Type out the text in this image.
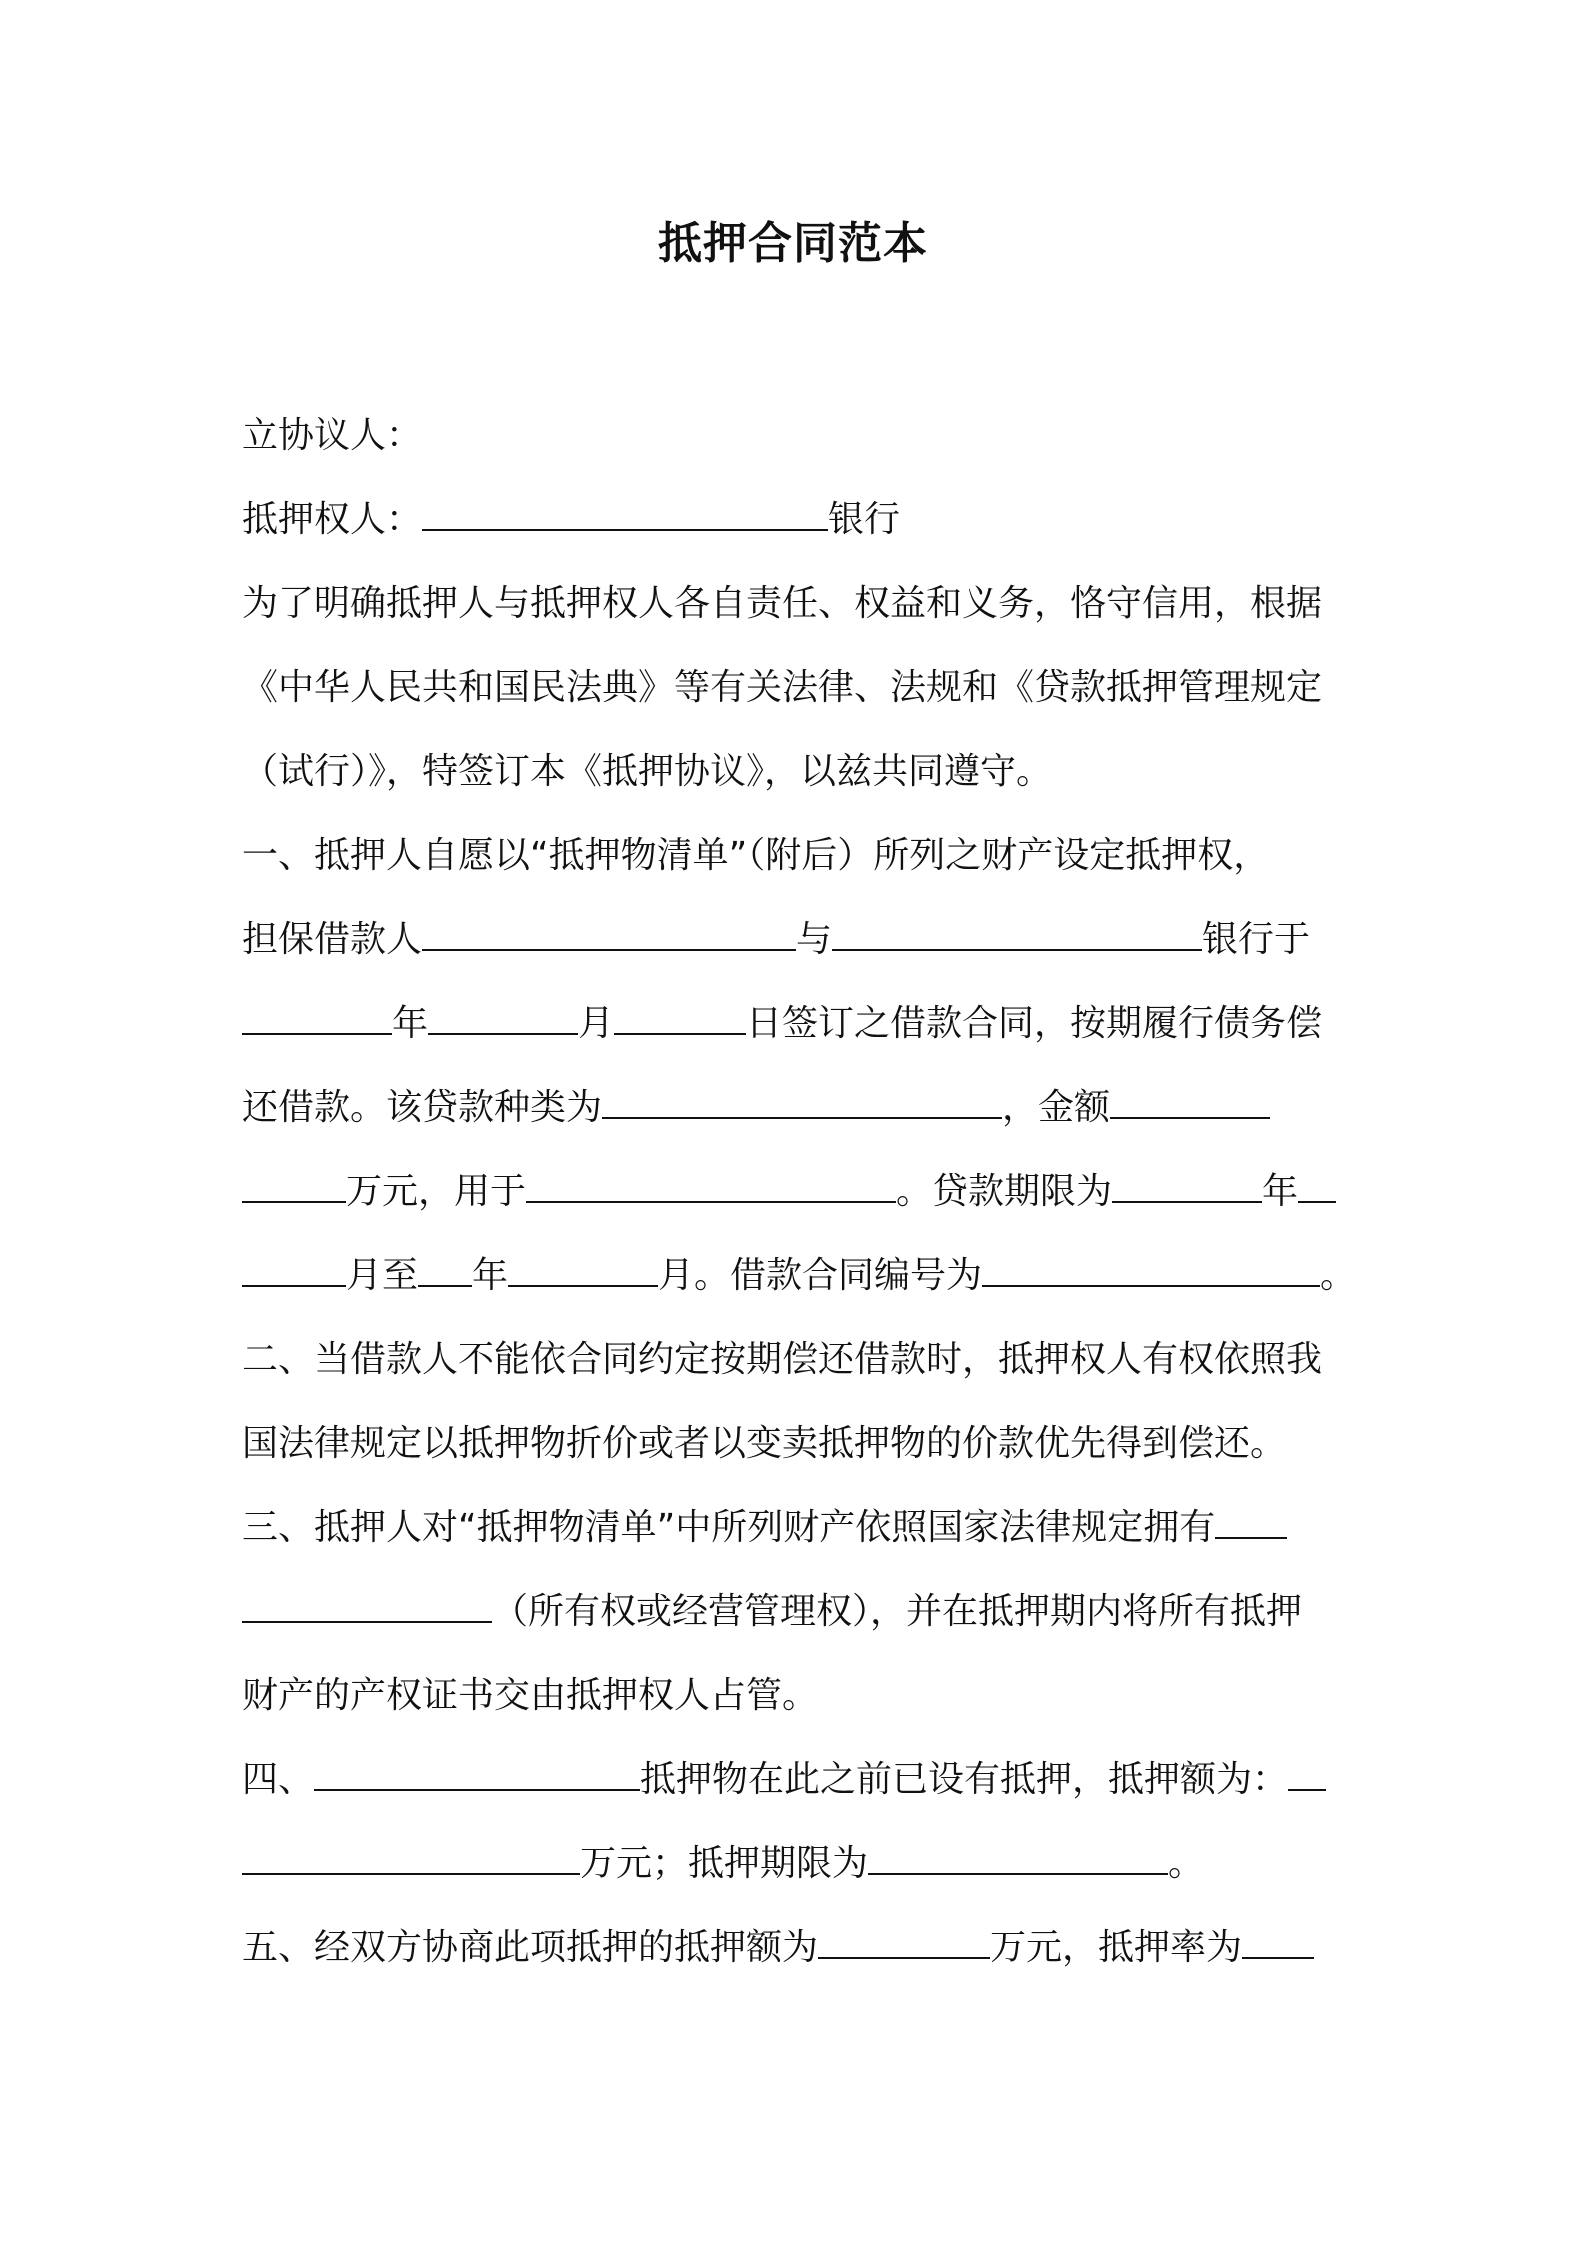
抵押合同范本
立协议人：
抵押权人：	银行
为了明确抵押人与抵押权人各自责任、权益和义务，恪守信用，根据
《中华人民共和国民法典》等有关法律、法规和《贷款抵押管理规定
（试行）》，特签订本《抵押协议》，以兹共同遵守。
一、抵押人自愿以“抵押物清单”（附后）所列之财产设定抵押权，
担保借款人	与	银行于
年	月	日签订之借款合同，按期履行债务偿
还借款。该贷款种类为	，金额
万元，用于	。贷款期限为	年
月至 年	月。借款合同编号为	。
二、当借款人不能依合同约定按期偿还借款时，抵押权人有权依照我
国法律规定以抵押物折价或者以变卖抵押物的价款优先得到偿还。
三、抵押人对“抵押物清单”中所列财产依照国家法律规定拥有
（所有权或经营管理权），并在抵押期内将所有抵押
财产的产权证书交由抵押权人占管。
四、	抵押物在此之前已设有抵押，抵押额为：
万元；抵押期限为	。
五、经双方协商此项抵押的抵押额为	万元，抵押率为
